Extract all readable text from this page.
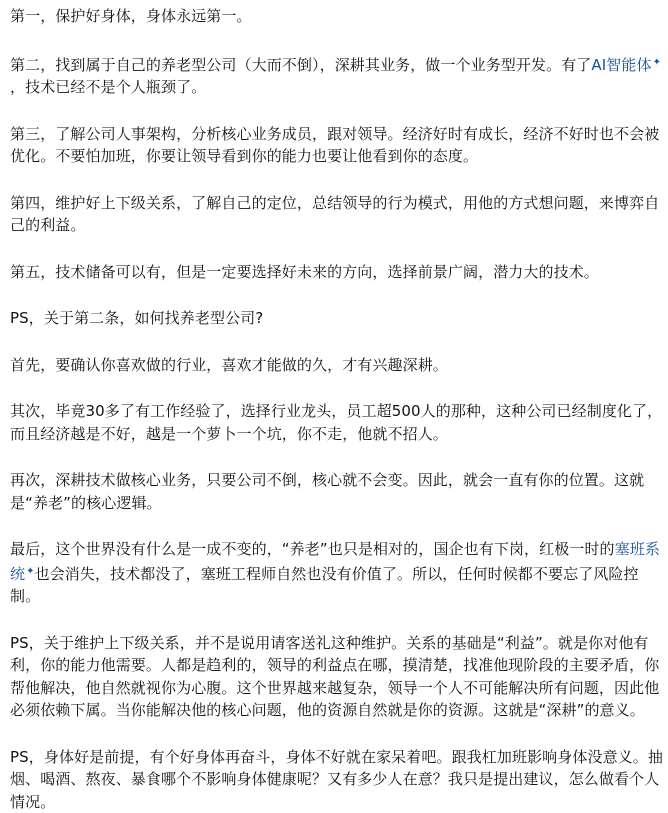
第一，保护好身体，身体永远第一。

第二，找到属于自己的养老型公司（大而不倒），深耕其业务，做一个业务型开发。有了AI智能体✦
，技术已经不是个人瓶颈了。

第三，了解公司人事架构，分析核心业务成员，跟对领导。经济好时有成长，经济不好时也不会被优化。不要怕加班，你要让领导看到你的能力也要让他看到你的态度。

第四，维护好上下级关系，了解自己的定位，总结领导的行为模式，用他的方式想问题，来博弈自己的利益。

第五，技术储备可以有，但是一定要选择好未来的方向，选择前景广阔，潜力大的技术。

PS，关于第二条，如何找养老型公司?

首先，要确认你喜欢做的行业，喜欢才能做的久，才有兴趣深耕。

其次，毕竟30多了有工作经验了，选择行业龙头，员工超500人的那种，这种公司已经制度化了，而且经济越是不好，越是一个萝卜一个坑，你不走，他就不招人。

再次，深耕技术做核心业务，只要公司不倒，核心就不会变。因此，就会一直有你的位置。这就是“养老”的核心逻辑。

最后，这个世界没有什么是一成不变的，“养老”也只是相对的，国企也有下岗，红极一时的塞班系统✦也会消失，技术都没了，塞班工程师自然也没有价值了。所以，任何时候都不要忘了风险控制。

PS，关于维护上下级关系，并不是说用请客送礼这种维护。关系的基础是“利益”。就是你对他有利，你的能力他需要。人都是趋利的，领导的利益点在哪，摸清楚，找准他现阶段的主要矛盾，你帮他解决，他自然就视你为心腹。这个世界越来越复杂，领导一个人不可能解决所有问题，因此他必须依赖下属。当你能解决他的核心问题，他的资源自然就是你的资源。这就是“深耕”的意义。

PS，身体好是前提，有个好身体再奋斗，身体不好就在家呆着吧。跟我杠加班影响身体没意义。抽烟、喝酒、熬夜、暴食哪个不影响身体健康呢？又有多少人在意？我只是提出建议，怎么做看个人情况。
